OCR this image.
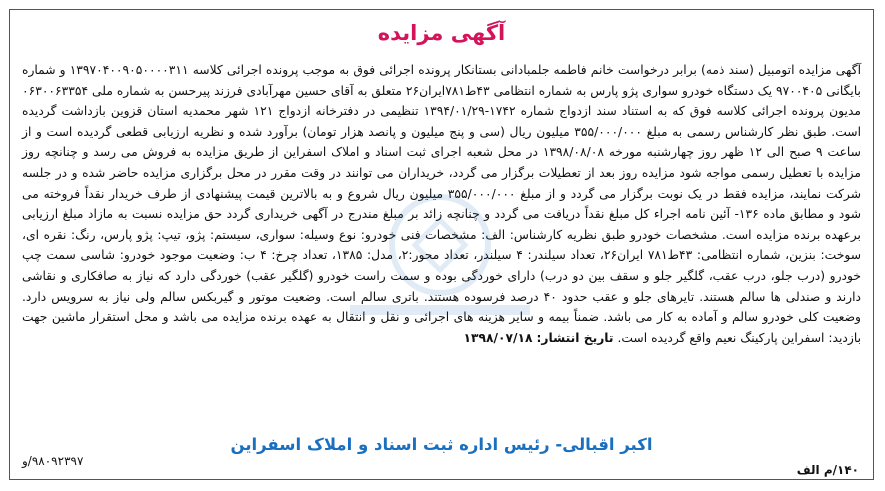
آگهی مزایده

آگهی مزایده اتومبیل (سند ذمه) برابر درخواست خانم فاطمه جلمبادانی بستانکار پرونده اجرائی فوق به موجب پرونده اجرائی کلاسه ۱۳۹۷۰۴۰۰۹۰۵۰۰۰۰۳۱۱ و شماره بایگانی ۹۷۰۰۴۰۵ یک دستگاه خودرو سواری پژو پارس به شماره انتظامی ۴۳ط۷۸۱ایران۲۶ متعلق به آقای حسین مهرآبادی فرزند پیرحسن به شماره ملی ۰۶۳۰۰۶۳۳۵۴ مدیون پرونده اجرائی کلاسه فوق که به استناد سند ازدواج شماره ۱۷۴۲-۱۳۹۴/۰۱/۲۹ تنظیمی در دفترخانه ازدواج ۱۲۱ شهر محمدیه استان قزوین بازداشت گردیده است. طبق نظر کارشناس رسمی به مبلغ ۳۵۵/۰۰۰/۰۰۰ میلیون ریال (سی و پنج میلیون و پانصد هزار تومان) برآورد شده و نظریه ارزیابی قطعی گردیده است و از ساعت ۹ صبح الی ۱۲ ظهر روز چهارشنبه مورخه ۱۳۹۸/۰۸/۰۸ در محل شعبه اجرای ثبت اسناد و املاک اسفراین از طریق مزایده به فروش می رسد و چنانچه روز مزایده با تعطیل رسمی مواجه شود مزایده روز بعد از تعطیلات برگزار می گردد، خریداران می توانند در وقت مقرر در محل برگزاری مزایده حاضر شده و در جلسه شرکت نمایند، مزایده فقط در یک نوبت برگزار می گردد و از مبلغ ۳۵۵/۰۰۰/۰۰۰ میلیون ریال شروع و به بالاترین قیمت پیشنهادی از طرف خریدار نقداً فروخته می شود و مطابق ماده ۱۳۶- آئین نامه اجراء کل مبلغ نقداً دریافت می گردد و چنانچه زائد بر مبلغ مندرج در آگهی خریداری گردد حق مزایده نسبت به مازاد مبلغ ارزیابی برعهده برنده مزایده است. مشخصات خودرو طبق نظریه کارشناس: الف: مشخصات فنی خودرو: نوع وسیله: سواری، سیستم: پژو، تیپ: پژو پارس، رنگ: نقره ای، سوخت: بنزین، شماره انتظامی: ۴۳ط۷۸۱ ایران۲۶، تعداد سیلندر: ۴ سیلندر، تعداد محور:۲، مدل: ۱۳۸۵، تعداد چرخ: ۴ ب: وضعیت موجود خودرو: شاسی سمت چپ خودرو (درب جلو، درب عقب، گلگیر جلو و سقف بین دو درب) دارای خوردگی بوده و سمت راست خودرو (گلگیر عقب) خوردگی دارد که نیاز به صافکاری و نقاشی دارند و صندلی ها سالم هستند. تایرهای جلو و عقب حدود ۴۰ درصد فرسوده هستند. باتری سالم است. وضعیت موتور و گیربکس سالم ولی نیاز به سرویس دارد. وضعیت کلی خودرو سالم و آماده به کار می باشد. ضمناً بیمه و سایر هزینه های اجرائی و نقل و انتقال به عهده برنده مزایده می باشد و محل استقرار ماشین جهت بازدید: اسفراین پارکینگ نعیم واقع گردیده است. تاریخ انتشار: ۱۳۹۸/۰۷/۱۸

اکبر اقبالی- رئیس اداره ثبت اسناد و املاک اسفراین
۹۸۰۹۲۳۹۷/و
۱۴۰/م الف
